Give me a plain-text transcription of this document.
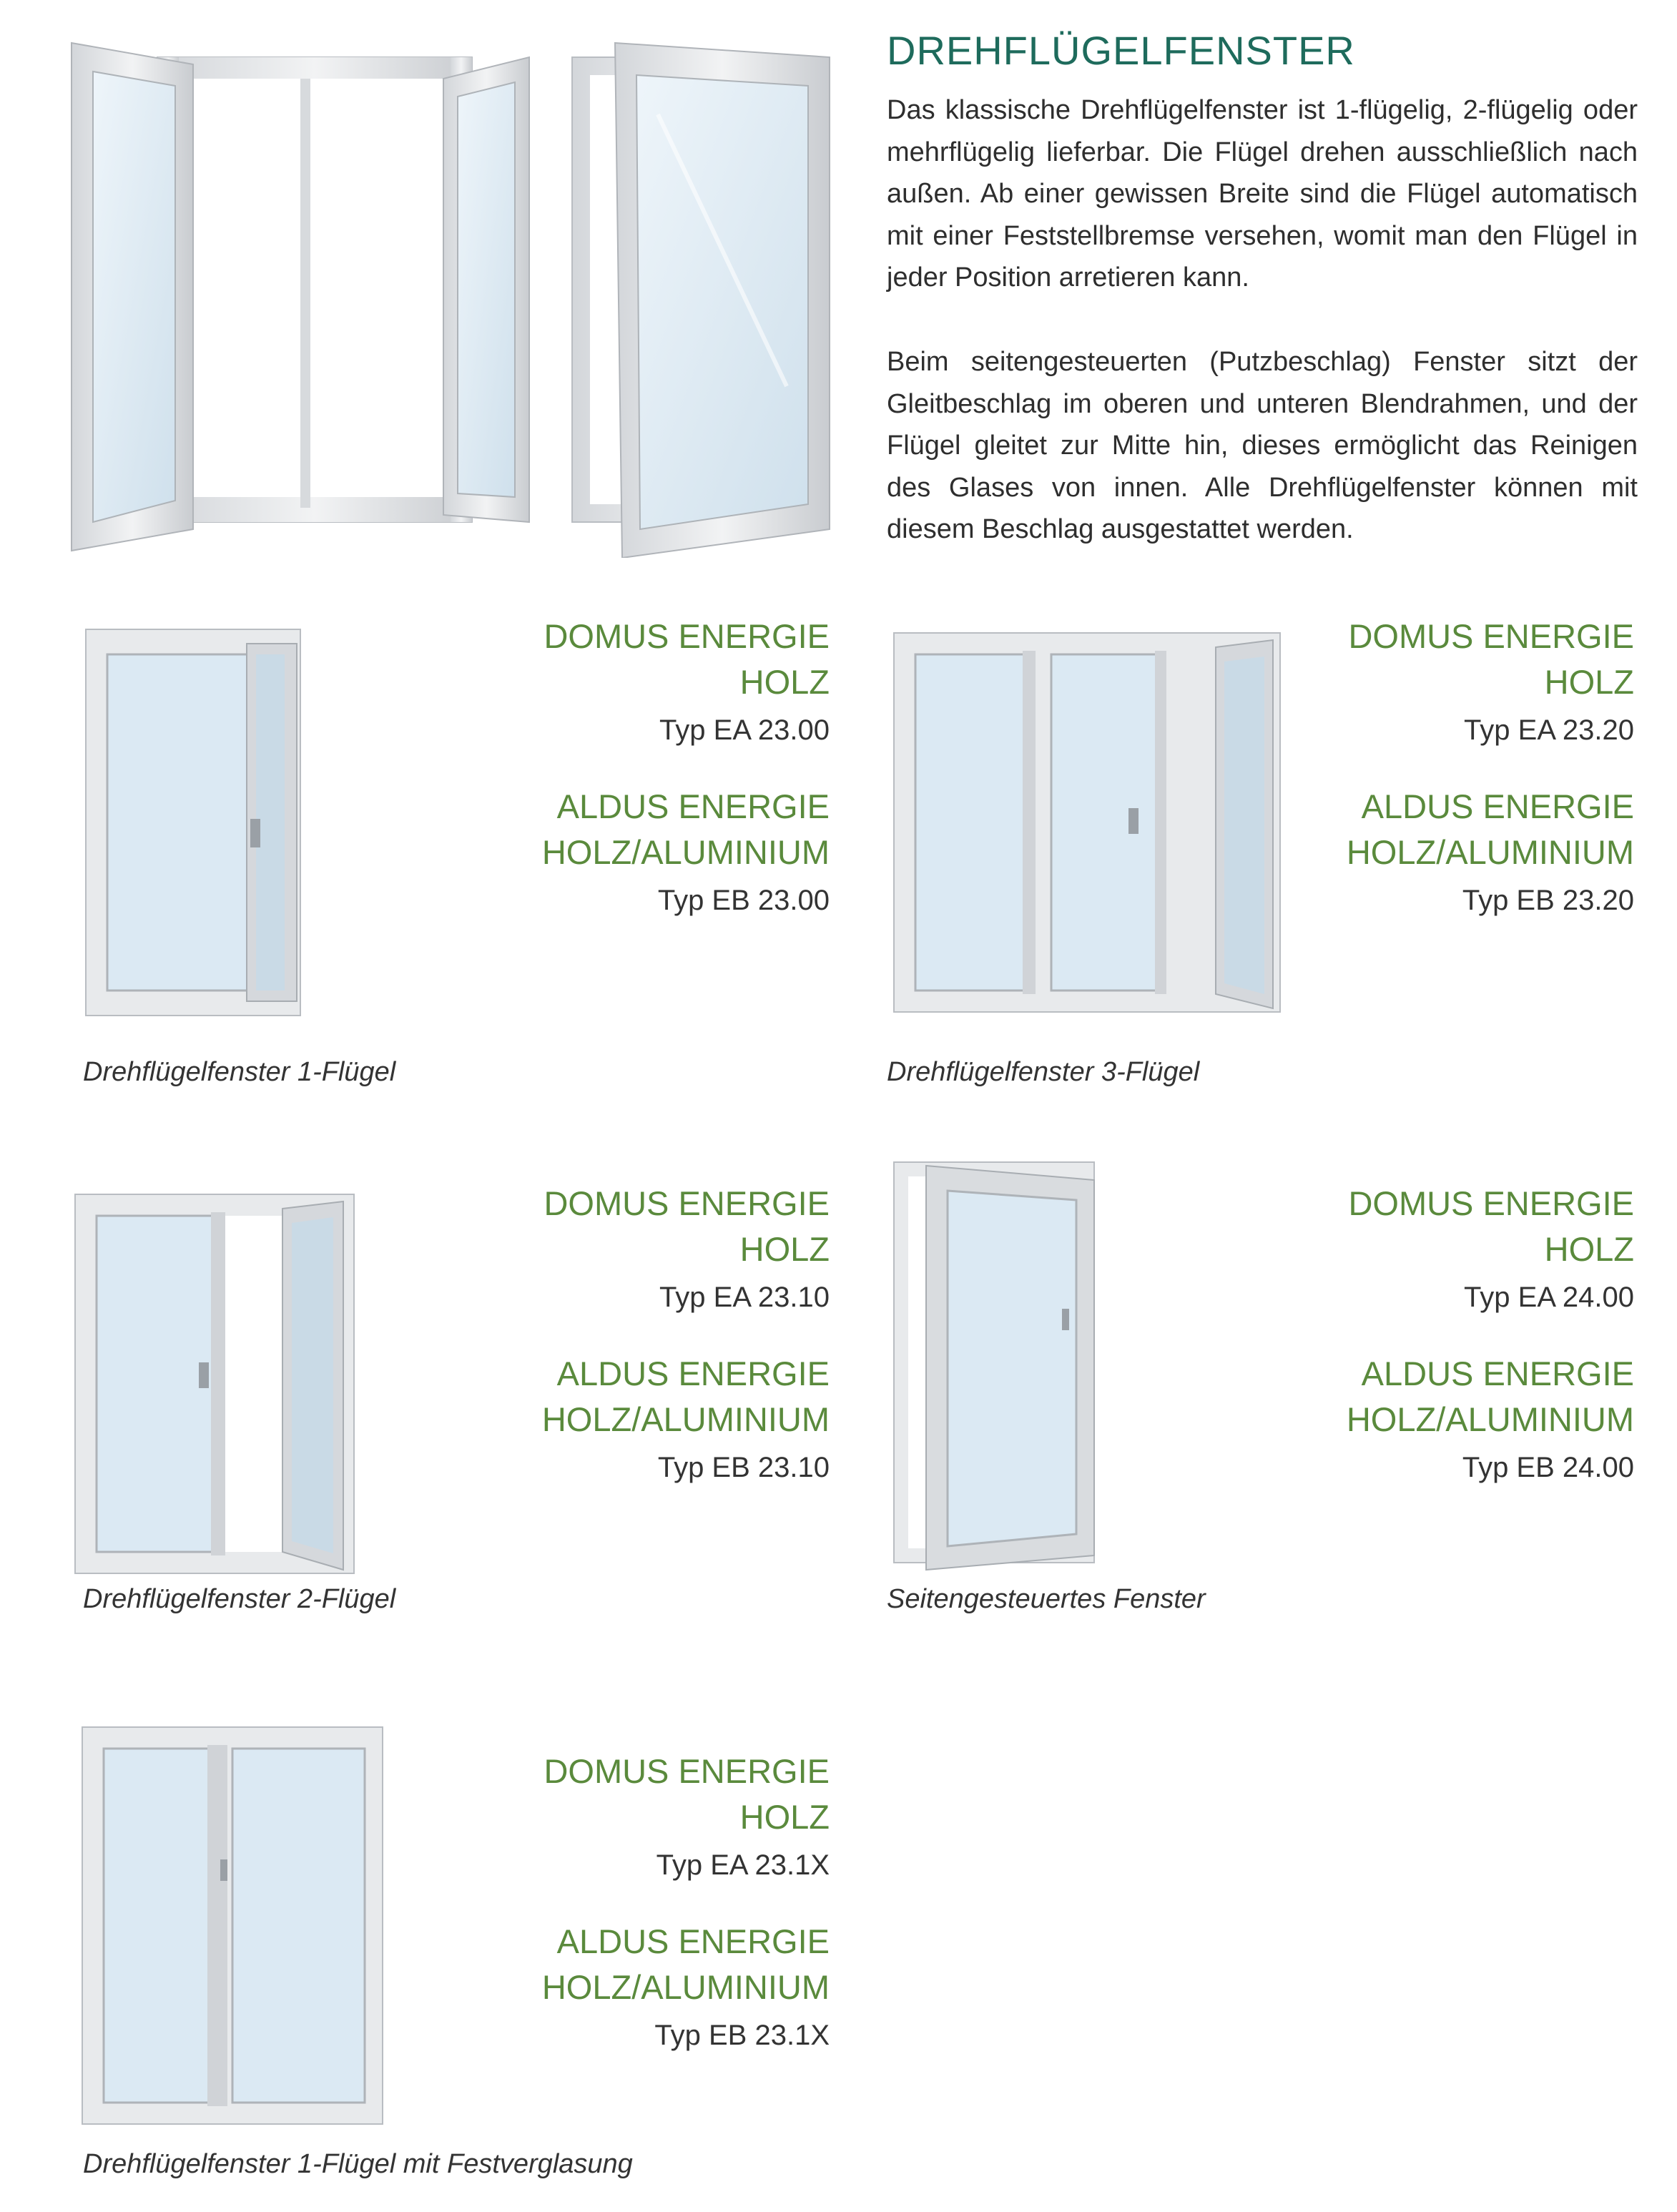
DREHFLÜGELFENSTER

Das klassische Drehflügelfenster ist 1-flügelig, 2-flügelig oder mehrflügelig lieferbar. Die Flügel drehen ausschließlich nach außen. Ab einer gewissen Breite sind die Flügel automatisch mit einer Feststellbremse versehen, womit man den Flügel in jeder Position arretieren kann.

Beim seitengesteuerten (Putzbeschlag) Fenster sitzt der Gleitbeschlag im oberen und unteren Blendrahmen, und der Flügel gleitet zur Mitte hin, dieses ermöglicht das Reinigen des Glases von innen. Alle Drehflügelfenster können mit diesem Beschlag ausgestattet werden.

DOMUS ENERGIE
HOLZ
Typ EA 23.00
ALDUS ENERGIE
HOLZ/ALUMINIUM
Typ EB 23.00
Drehflügelfenster 1-Flügel
DOMUS ENERGIE
HOLZ
Typ EA 23.20
ALDUS ENERGIE
HOLZ/ALUMINIUM
Typ EB 23.20
Drehflügelfenster 3-Flügel
DOMUS ENERGIE
HOLZ
Typ EA 23.10
ALDUS ENERGIE
HOLZ/ALUMINIUM
Typ EB 23.10
Drehflügelfenster 2-Flügel
DOMUS ENERGIE
HOLZ
Typ EA 24.00
ALDUS ENERGIE
HOLZ/ALUMINIUM
Typ EB 24.00
Seitengesteuertes Fenster
DOMUS ENERGIE
HOLZ
Typ EA 23.1X
ALDUS ENERGIE
HOLZ/ALUMINIUM
Typ EB 23.1X
Drehflügelfenster 1-Flügel mit Festverglasung
